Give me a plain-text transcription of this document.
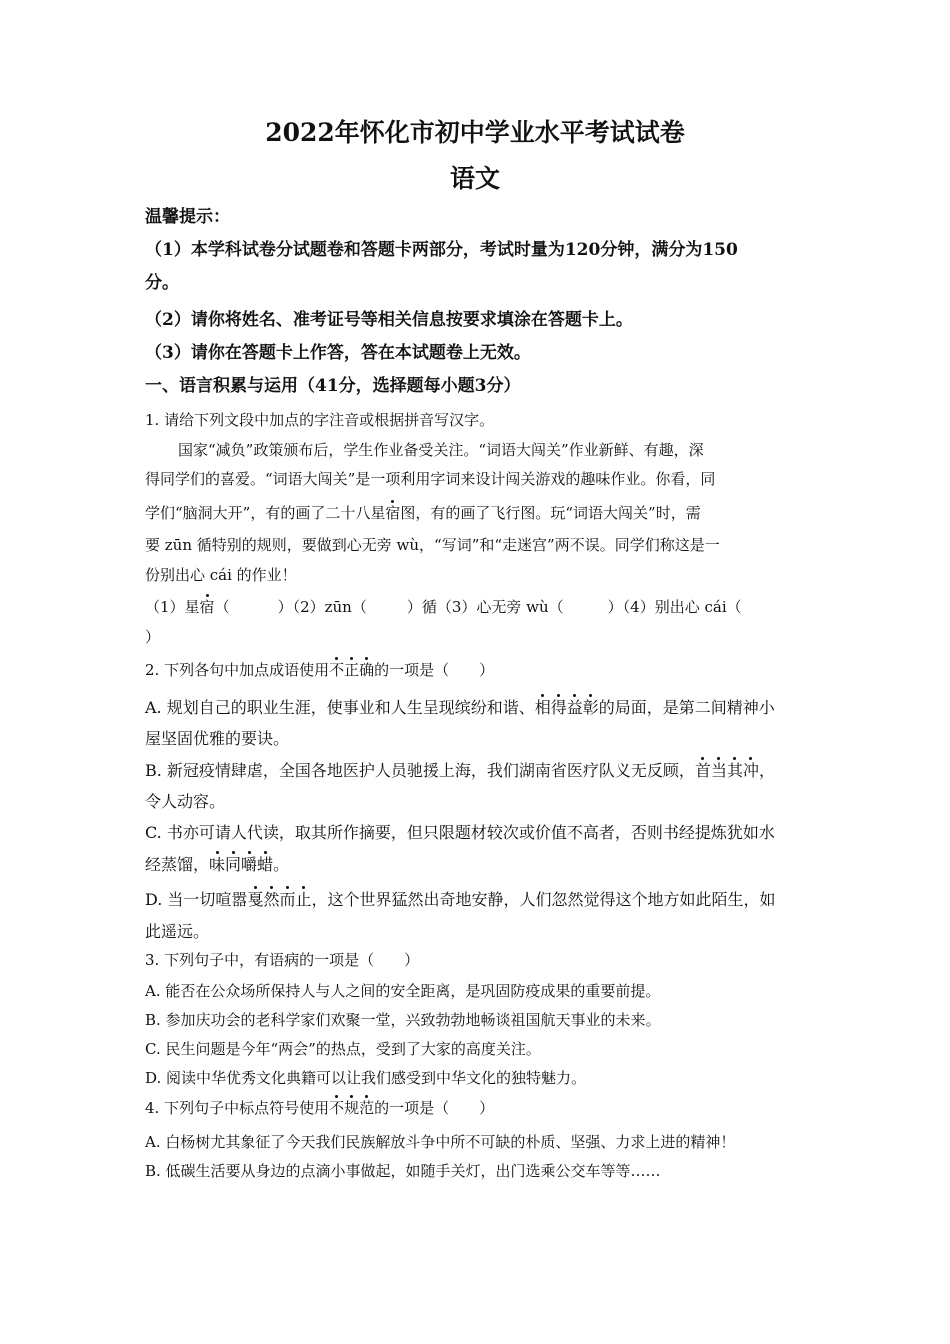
2022年怀化市初中学业水平考试试卷
语文
温馨提示：
（1）本学科试卷分试题卷和答题卡两部分，考试时量为120分钟，满分为150
分。
（2）请你将姓名、准考证号等相关信息按要求填涂在答题卡上。
（3）请你在答题卡上作答，答在本试题卷上无效。
一、语言积累与运用（41分，选择题每小题3分）
1. 请给下列文段中加点的字注音或根据拼音写汉字。
国家“减负”政策颁布后，学生作业备受关注。“词语大闯关”作业新鲜、有趣，深
得同学们的喜爱。“词语大闯关”是一项利用字词来设计闯关游戏的趣味作业。你看，同
学们“脑洞大开”，有的画了二十八星宿图，有的画了飞行图。玩“词语大闯关”时，需
要 zūn 循特别的规则，要做到心无旁 wù，“写词”和“走迷宫”两不误。同学们称这是一
份别出心 cái 的作业！
（1）星宿（	）（2）zūn（	）循（3）心无旁 wù（	）（4）别出心 cái（
）
2. 下列各句中加点成语使用不正确的一项是（　　）
A. 规划自己的职业生涯，使事业和人生呈现缤纷和谐、相得益彰的局面，是第二间精神小
屋坚固优雅的要诀。
B. 新冠疫情肆虐，全国各地医护人员驰援上海，我们湖南省医疗队义无反顾，首当其冲，
令人动容。
C. 书亦可请人代读，取其所作摘要，但只限题材较次或价值不高者，否则书经提炼犹如水
经蒸馏，味同嚼蜡。
D. 当一切喧嚣戛然而止，这个世界猛然出奇地安静，人们忽然觉得这个地方如此陌生，如
此遥远。
3. 下列句子中，有语病的一项是（　　）
A. 能否在公众场所保持人与人之间的安全距离，是巩固防疫成果的重要前提。
B. 参加庆功会的老科学家们欢聚一堂，兴致勃勃地畅谈祖国航天事业的未来。
C. 民生问题是今年“两会”的热点，受到了大家的高度关注。
D. 阅读中华优秀文化典籍可以让我们感受到中华文化的独特魅力。
4. 下列句子中标点符号使用不规范的一项是（　　）
A. 白杨树尤其象征了今天我们民族解放斗争中所不可缺的朴质、坚强、力求上进的精神！
B. 低碳生活要从身边的点滴小事做起，如随手关灯，出门选乘公交车等等……
